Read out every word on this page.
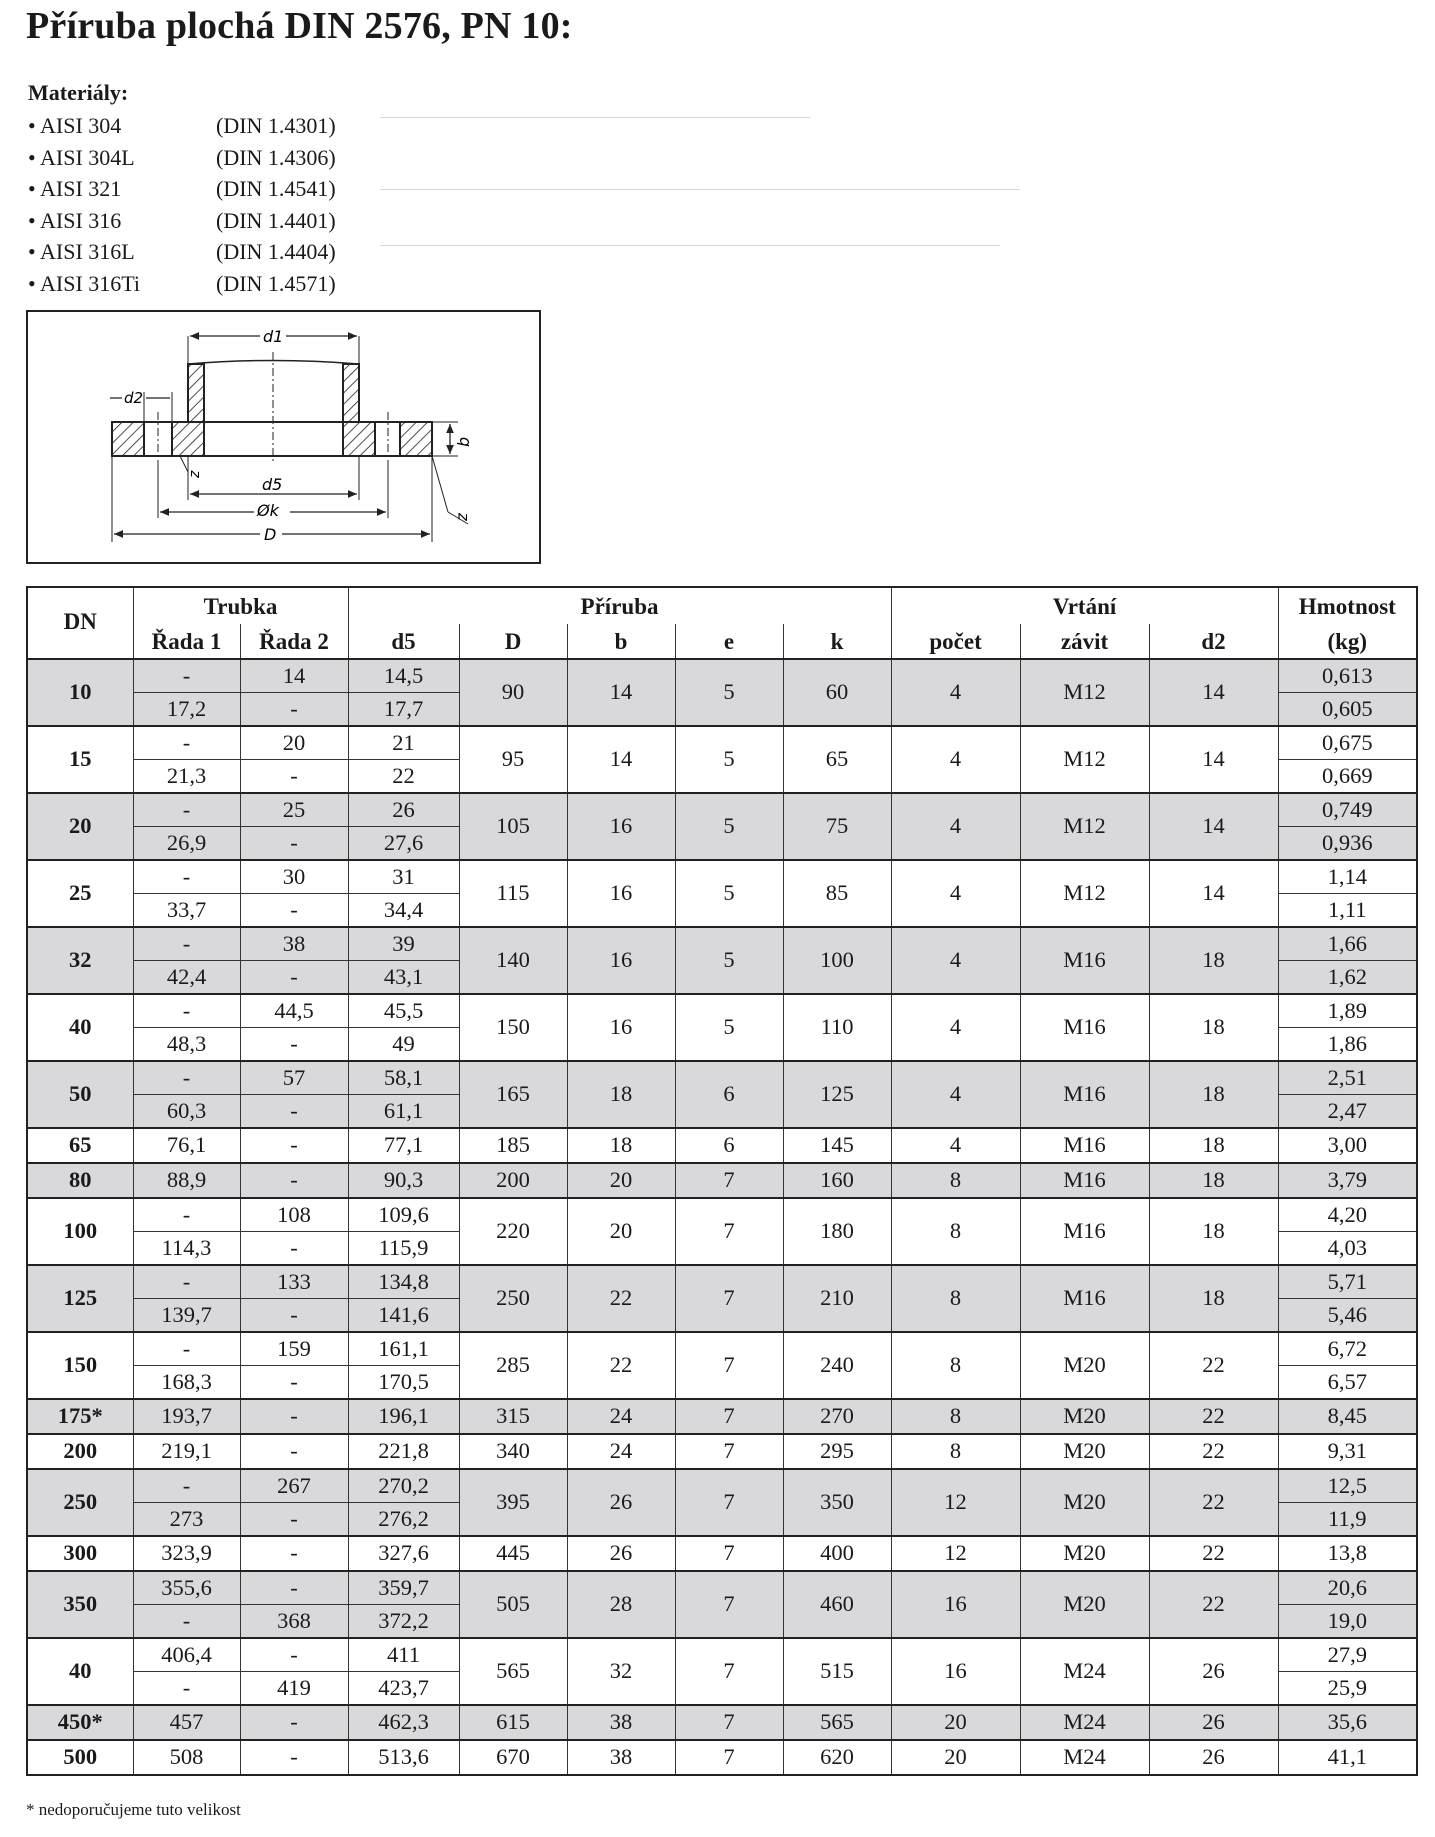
Příruba plochá DIN 2576, PN 10:
Materiály:
• AISI 304	(DIN 1.4301)
• AISI 304L	(DIN 1.4306)
• AISI 321	(DIN 1.4541)
• AISI 316	(DIN 1.4401)
• AISI 316L	(DIN 1.4404)
• AISI 316Ti	(DIN 1.4571)
d1
d2
b
z
d5
Øk
D
z
DN	Trubka		Příruba					Vrtání			Hmotnost
	Řada 1	Řada 2	d5	D	b	e	k	počet	závit	d2	(kg)
10	-	14	14,5	90	14	5	60	4	M12	14	0,613
	17,2	-	17,7								0,605
15	-	20	21	95	14	5	65	4	M12	14	0,675
	21,3	-	22								0,669
20	-	25	26	105	16	5	75	4	M12	14	0,749
	26,9	-	27,6								0,936
25	-	30	31	115	16	5	85	4	M12	14	1,14
	33,7	-	34,4								1,11
32	-	38	39	140	16	5	100	4	M16	18	1,66
	42,4	-	43,1								1,62
40	-	44,5	45,5	150	16	5	110	4	M16	18	1,89
	48,3	-	49								1,86
50	-	57	58,1	165	18	6	125	4	M16	18	2,51
	60,3	-	61,1								2,47
65	76,1	-	77,1	185	18	6	145	4	M16	18	3,00
80	88,9	-	90,3	200	20	7	160	8	M16	18	3,79
100	-	108	109,6	220	20	7	180	8	M16	18	4,20
	114,3	-	115,9								4,03
125	-	133	134,8	250	22	7	210	8	M16	18	5,71
	139,7	-	141,6								5,46
150	-	159	161,1	285	22	7	240	8	M20	22	6,72
	168,3	-	170,5								6,57
175*	193,7	-	196,1	315	24	7	270	8	M20	22	8,45
200	219,1	-	221,8	340	24	7	295	8	M20	22	9,31
250	-	267	270,2	395	26	7	350	12	M20	22	12,5
	273	-	276,2								11,9
300	323,9	-	327,6	445	26	7	400	12	M20	22	13,8
350	355,6	-	359,7	505	28	7	460	16	M20	22	20,6
	-	368	372,2								19,0
40	406,4	-	411	565	32	7	515	16	M24	26	27,9
	-	419	423,7								25,9
450*	457	-	462,3	615	38	7	565	20	M24	26	35,6
500	508	-	513,6	670	38	7	620	20	M24	26	41,1
* nedoporučujeme tuto velikost
